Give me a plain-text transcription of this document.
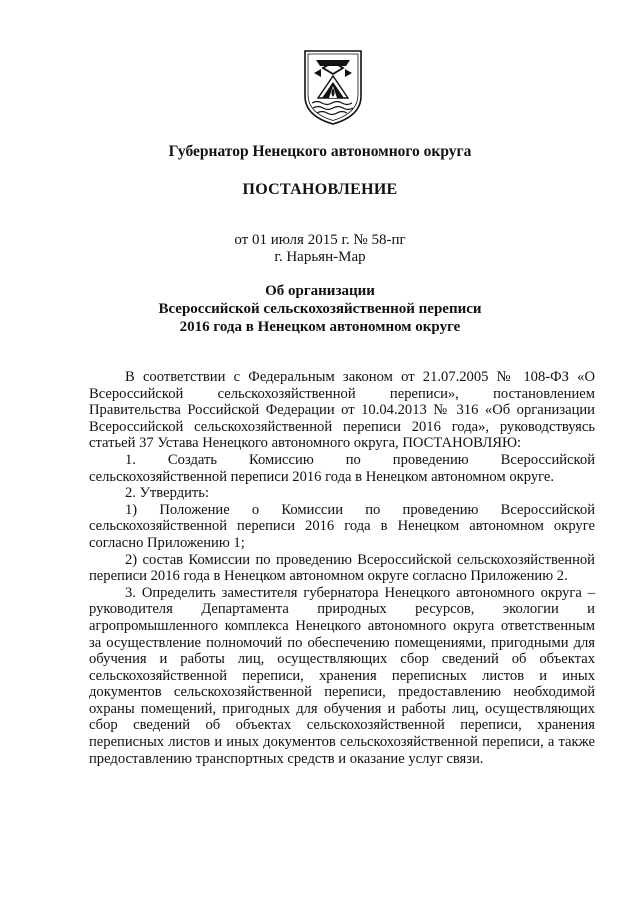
Губернатор Ненецкого автономного округа
ПОСТАНОВЛЕНИЕ
от 01 июля 2015 г. № 58-пг
г. Нарьян-Мар
Об организации
Всероссийской сельскохозяйственной переписи
2016 года в Ненецком автономном округе

В соответствии с Федеральным законом от 21.07.2005 № 108-ФЗ «О Всероссийской сельскохозяйственной переписи», постановлением Правительства Российской Федерации от 10.04.2013 № 316 «Об организации Всероссийской сельскохозяйственной переписи 2016 года», руководствуясь статьей 37 Устава Ненецкого автономного округа, ПОСТАНОВЛЯЮ:

1. Создать Комиссию по проведению Всероссийской сельскохозяйственной переписи 2016 года в Ненецком автономном округе.

2. Утвердить:

1) Положение о Комиссии по проведению Всероссийской сельскохозяйственной переписи 2016 года в Ненецком автономном округе согласно Приложению 1;

2) состав Комиссии по проведению Всероссийской сельскохозяйственной переписи 2016 года в Ненецком автономном округе согласно Приложению 2.

3. Определить заместителя губернатора Ненецкого автономного округа – руководителя Департамента природных ресурсов, экологии и агропромышленного комплекса Ненецкого автономного округа ответственным за осуществление полномочий по обеспечению помещениями, пригодными для обучения и работы лиц, осуществляющих сбор сведений об объектах сельскохозяйственной переписи, хранения переписных листов и иных документов сельскохозяйственной переписи, предоставлению необходимой охраны помещений, пригодных для обучения и работы лиц, осуществляющих сбор сведений об объектах сельскохозяйственной переписи, хранения переписных листов и иных документов сельскохозяйственной переписи, а также предоставлению транспортных средств и оказание услуг связи.
